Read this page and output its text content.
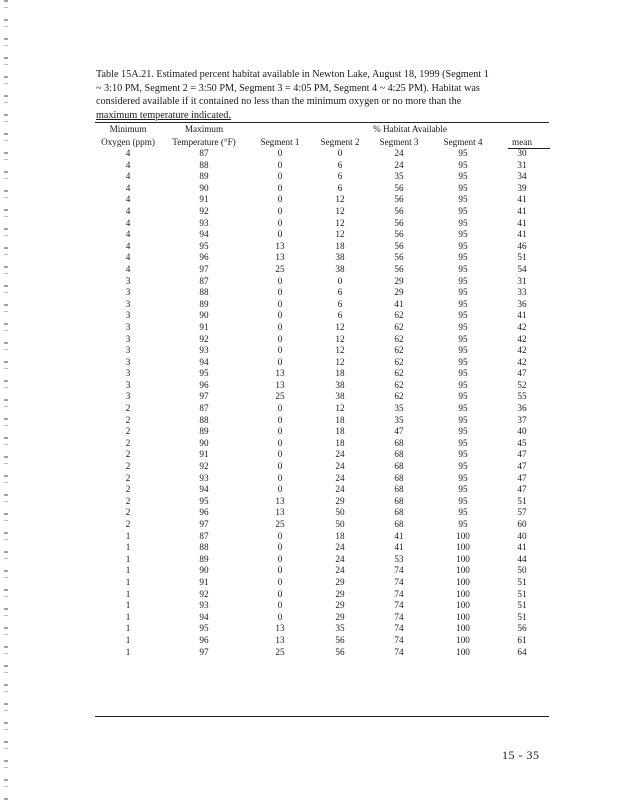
Table 15A.21. Estimated percent habitat available in Newton Lake, August 18, 1999 (Segment 1
~ 3:10 PM, Segment 2 = 3:50 PM, Segment 3 = 4:05 PM, Segment 4 ~ 4:25 PM). Habitat was
considered available if it contained no less than the minimum oxygen or no more than the
maximum temperature indicated.
Minimum	Maximum	% Habitat Available
Oxygen (ppm)	Temperature (°F)	Segment 1	Segment 2	Segment 3	Segment 4	mean
4	87	0	0	24	95	30
4	88	0	6	24	95	31
4	89	0	6	35	95	34
4	90	0	6	56	95	39
4	91	0	12	56	95	41
4	92	0	12	56	95	41
4	93	0	12	56	95	41
4	94	0	12	56	95	41
4	95	13	18	56	95	46
4	96	13	38	56	95	51
4	97	25	38	56	95	54
3	87	0	0	29	95	31
3	88	0	6	29	95	33
3	89	0	6	41	95	36
3	90	0	6	62	95	41
3	91	0	12	62	95	42
3	92	0	12	62	95	42
3	93	0	12	62	95	42
3	94	0	12	62	95	42
3	95	13	18	62	95	47
3	96	13	38	62	95	52
3	97	25	38	62	95	55
2	87	0	12	35	95	36
2	88	0	18	35	95	37
2	89	0	18	47	95	40
2	90	0	18	68	95	45
2	91	0	24	68	95	47
2	92	0	24	68	95	47
2	93	0	24	68	95	47
2	94	0	24	68	95	47
2	95	13	29	68	95	51
2	96	13	50	68	95	57
2	97	25	50	68	95	60
1	87	0	18	41	100	40
1	88	0	24	41	100	41
1	89	0	24	53	100	44
1	90	0	24	74	100	50
1	91	0	29	74	100	51
1	92	0	29	74	100	51
1	93	0	29	74	100	51
1	94	0	29	74	100	51
1	95	13	35	74	100	56
1	96	13	56	74	100	61
1	97	25	56	74	100	64
15 - 35
